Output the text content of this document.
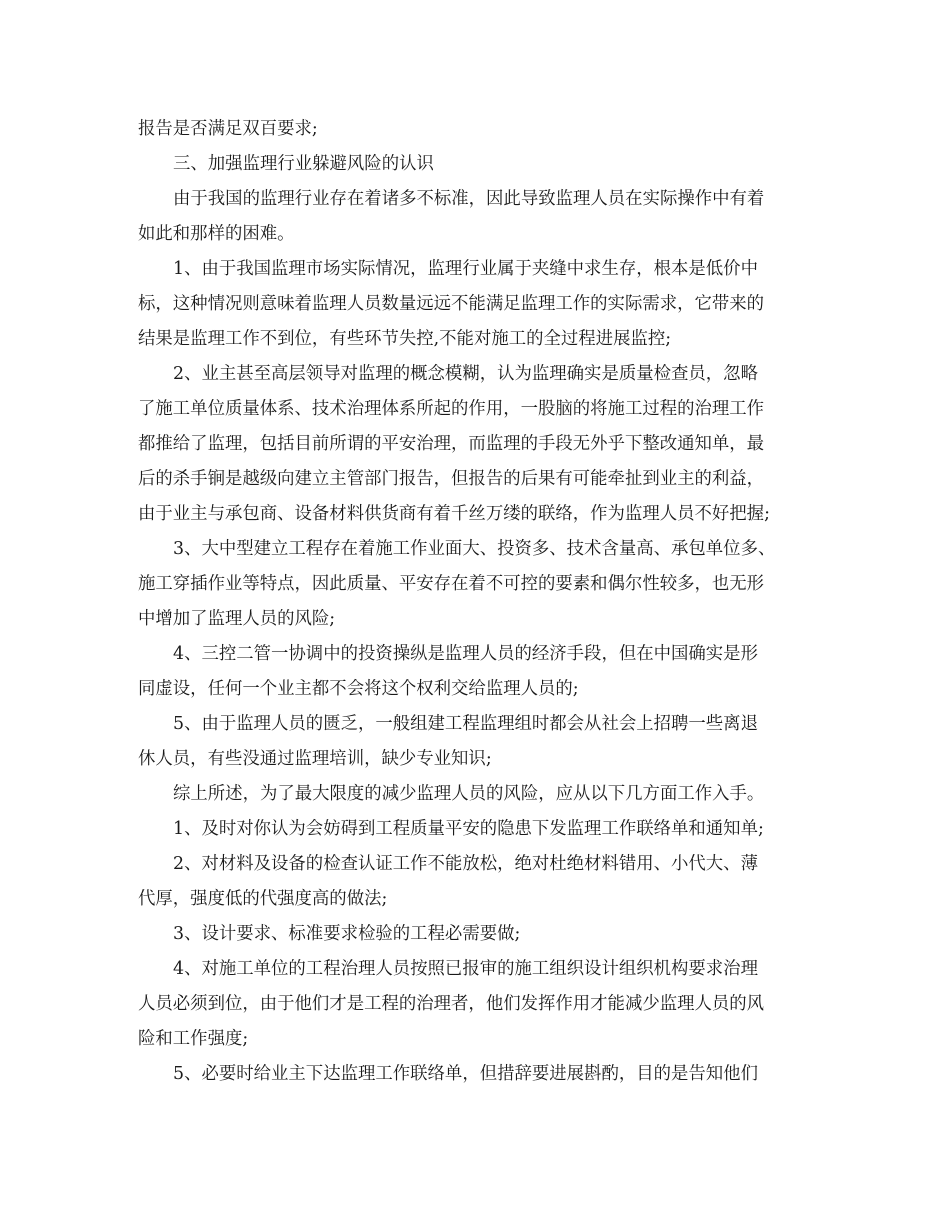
报告是否满足双百要求;
三、加强监理行业躲避风险的认识
由于我国的监理行业存在着诸多不标准，因此导致监理人员在实际操作中有着
如此和那样的困难。
1、由于我国监理市场实际情况，监理行业属于夹缝中求生存，根本是低价中
标，这种情况则意味着监理人员数量远远不能满足监理工作的实际需求，它带来的
结果是监理工作不到位，有些环节失控,不能对施工的全过程进展监控;
2、业主甚至高层领导对监理的概念模糊，认为监理确实是质量检查员，忽略
了施工单位质量体系、技术治理体系所起的作用，一股脑的将施工过程的治理工作
都推给了监理，包括目前所谓的平安治理，而监理的手段无外乎下整改通知单，最
后的杀手锏是越级向建立主管部门报告，但报告的后果有可能牵扯到业主的利益，
由于业主与承包商、设备材料供货商有着千丝万缕的联络，作为监理人员不好把握;
3、大中型建立工程存在着施工作业面大、投资多、技术含量高、承包单位多、
施工穿插作业等特点，因此质量、平安存在着不可控的要素和偶尔性较多，也无形
中增加了监理人员的风险;
4、三控二管一协调中的投资操纵是监理人员的经济手段，但在中国确实是形
同虚设，任何一个业主都不会将这个权利交给监理人员的;
5、由于监理人员的匮乏，一般组建工程监理组时都会从社会上招聘一些离退
休人员，有些没通过监理培训，缺少专业知识;
综上所述，为了最大限度的减少监理人员的风险，应从以下几方面工作入手。
1、及时对你认为会妨碍到工程质量平安的隐患下发监理工作联络单和通知单;
2、对材料及设备的检查认证工作不能放松，绝对杜绝材料错用、小代大、薄
代厚，强度低的代强度高的做法;
3、设计要求、标准要求检验的工程必需要做;
4、对施工单位的工程治理人员按照已报审的施工组织设计组织机构要求治理
人员必须到位，由于他们才是工程的治理者，他们发挥作用才能减少监理人员的风
险和工作强度;
5、必要时给业主下达监理工作联络单，但措辞要进展斟酌，目的是告知他们
